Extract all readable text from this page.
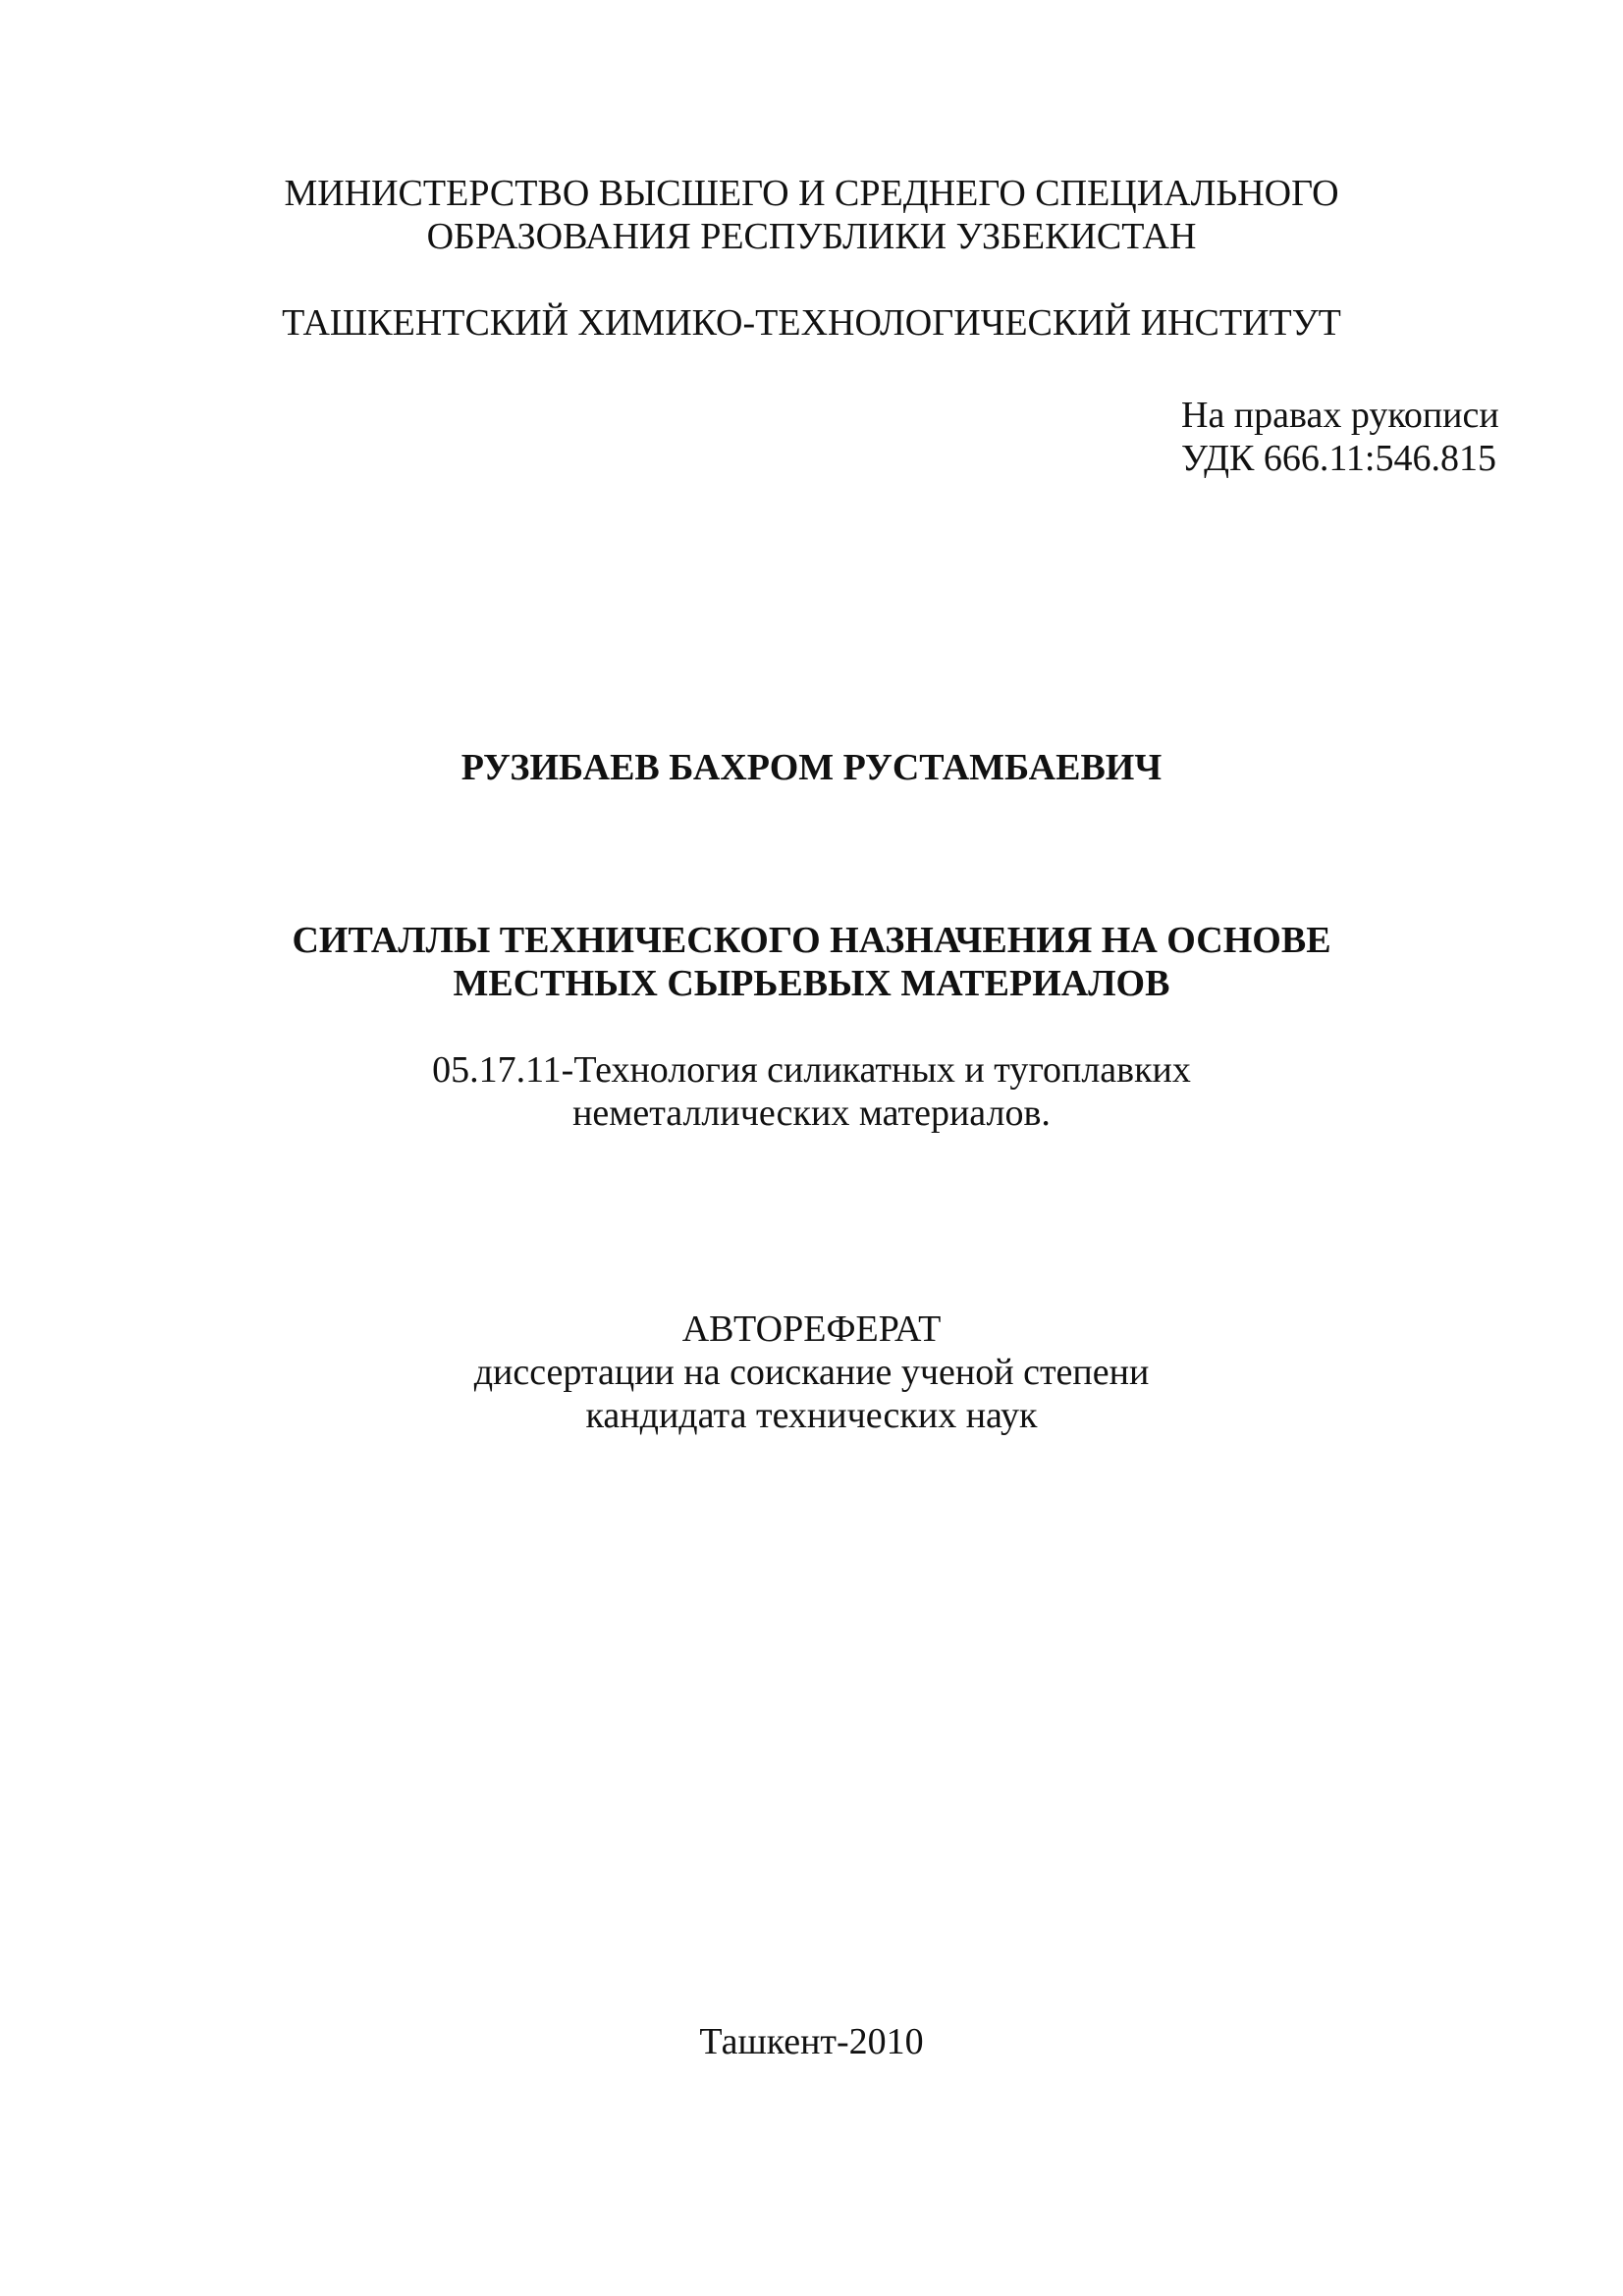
МИНИСТЕРСТВО ВЫСШЕГО И СРЕДНЕГО СПЕЦИАЛЬНОГО
ОБРАЗОВАНИЯ РЕСПУБЛИКИ УЗБЕКИСТАН
ТАШКЕНТСКИЙ ХИМИКО-ТЕХНОЛОГИЧЕСКИЙ ИНСТИТУТ
На правах рукописи
УДК 666.11:546.815
РУЗИБАЕВ БАХРОМ РУСТАМБАЕВИЧ
СИТАЛЛЫ ТЕХНИЧЕСКОГО НАЗНАЧЕНИЯ НА ОСНОВЕ
МЕСТНЫХ СЫРЬЕВЫХ МАТЕРИАЛОВ
05.17.11-Технология силикатных и тугоплавких
неметаллических материалов.
АВТОРЕФЕРАТ
диссертации на соискание ученой степени
кандидата технических наук
Ташкент-2010
